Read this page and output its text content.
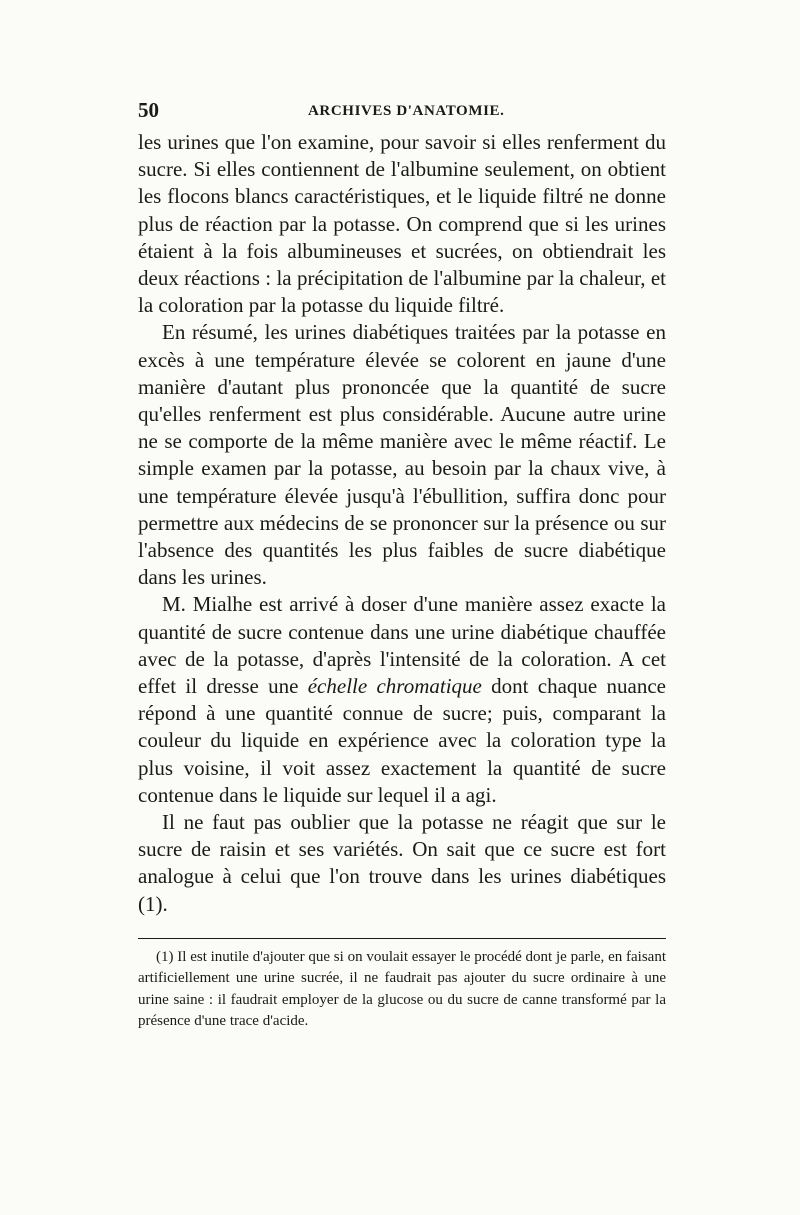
50	ARCHIVES D'ANATOMIE.

les urines que l'on examine, pour savoir si elles renferment du sucre. Si elles contiennent de l'albumine seulement, on obtient les flocons blancs caractéristiques, et le liquide filtré ne donne plus de réaction par la potasse. On comprend que si les urines étaient à la fois albumineuses et sucrées, on obtiendrait les deux réactions : la précipitation de l'albumine par la chaleur, et la coloration par la potasse du liquide filtré.

En résumé, les urines diabétiques traitées par la potasse en excès à une température élevée se colorent en jaune d'une manière d'autant plus prononcée que la quantité de sucre qu'elles renferment est plus considérable. Aucune autre urine ne se comporte de la même manière avec le même réactif. Le simple examen par la potasse, au besoin par la chaux vive, à une température élevée jusqu'à l'ébullition, suffira donc pour permettre aux médecins de se prononcer sur la présence ou sur l'absence des quantités les plus faibles de sucre diabétique dans les urines.

M. Mialhe est arrivé à doser d'une manière assez exacte la quantité de sucre contenue dans une urine diabétique chauffée avec de la potasse, d'après l'intensité de la coloration. A cet effet il dresse une échelle chromatique dont chaque nuance répond à une quantité connue de sucre; puis, comparant la couleur du liquide en expérience avec la coloration type la plus voisine, il voit assez exactement la quantité de sucre contenue dans le liquide sur lequel il a agi.

Il ne faut pas oublier que la potasse ne réagit que sur le sucre de raisin et ses variétés. On sait que ce sucre est fort analogue à celui que l'on trouve dans les urines diabétiques (1).

(1) Il est inutile d'ajouter que si on voulait essayer le procédé dont je parle, en faisant artificiellement une urine sucrée, il ne faudrait pas ajouter du sucre ordinaire à une urine saine : il faudrait employer de la glucose ou du sucre de canne transformé par la présence d'une trace d'acide.
